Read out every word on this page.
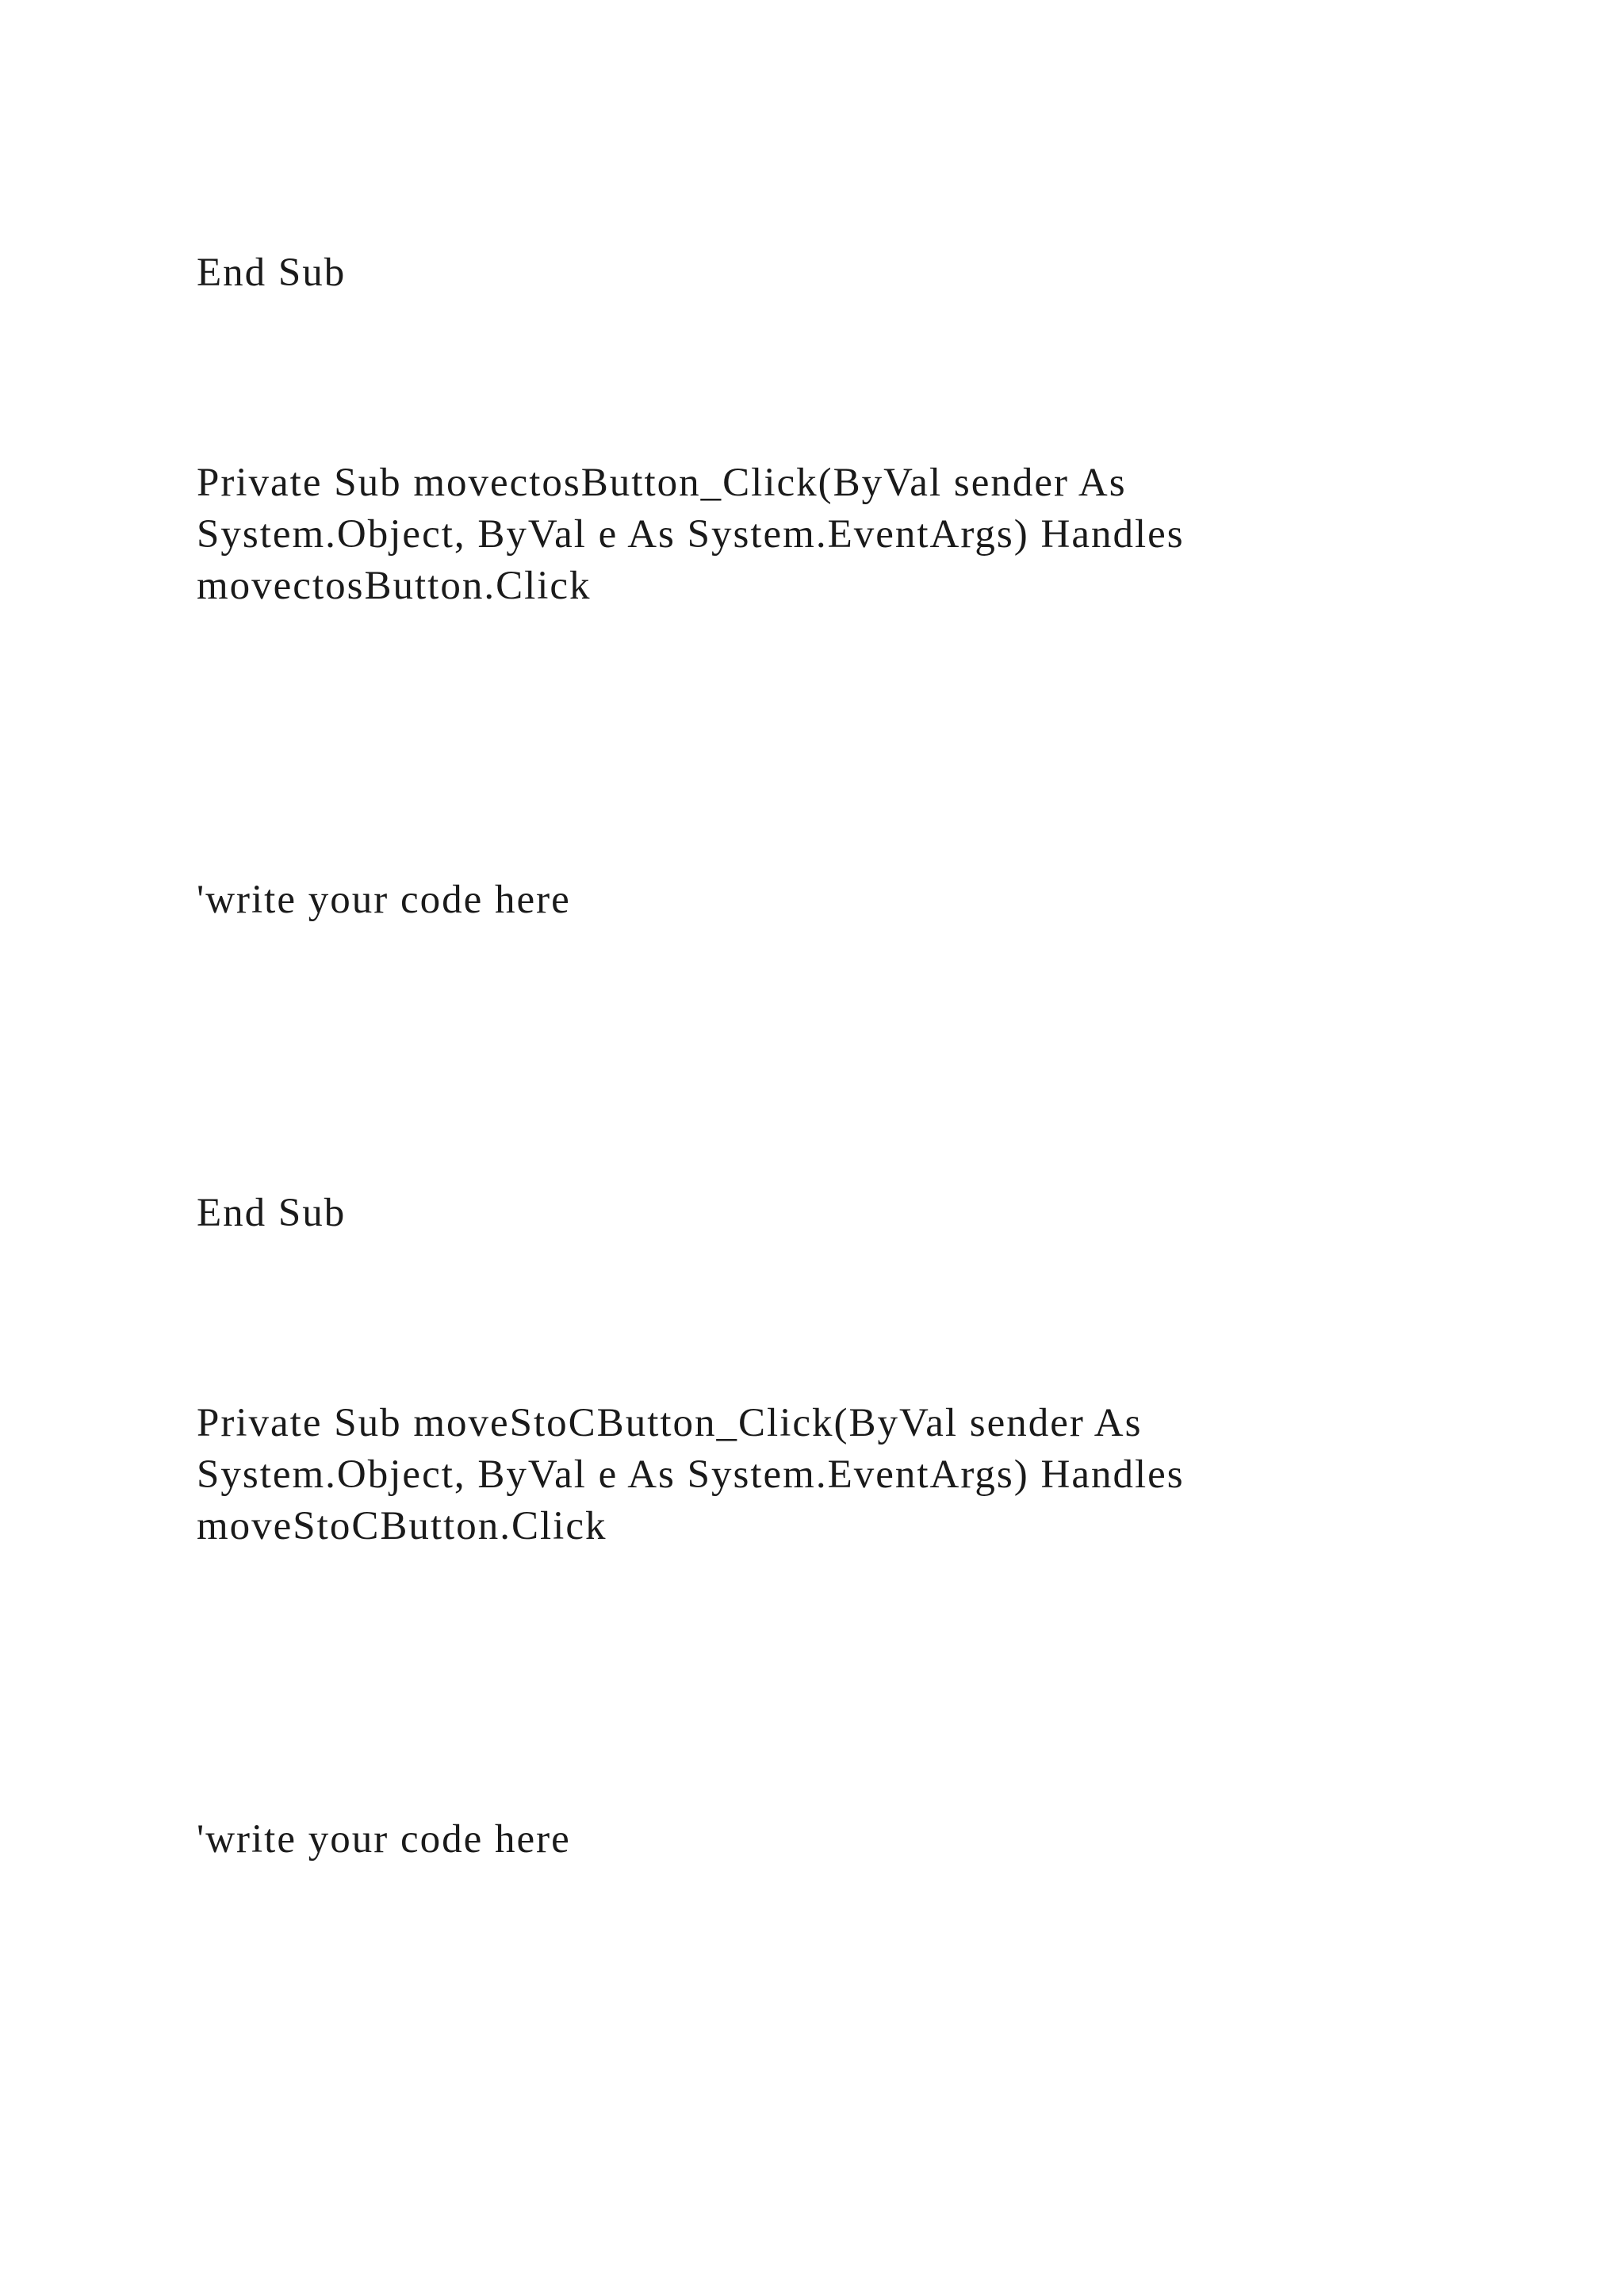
End Sub

Private Sub movectosButton_Click(ByVal sender As
System.Object, ByVal e As System.EventArgs) Handles
movectosButton.Click

'write your code here

End Sub

Private Sub moveStoCButton_Click(ByVal sender As
System.Object, ByVal e As System.EventArgs) Handles
moveStoCButton.Click

'write your code here
